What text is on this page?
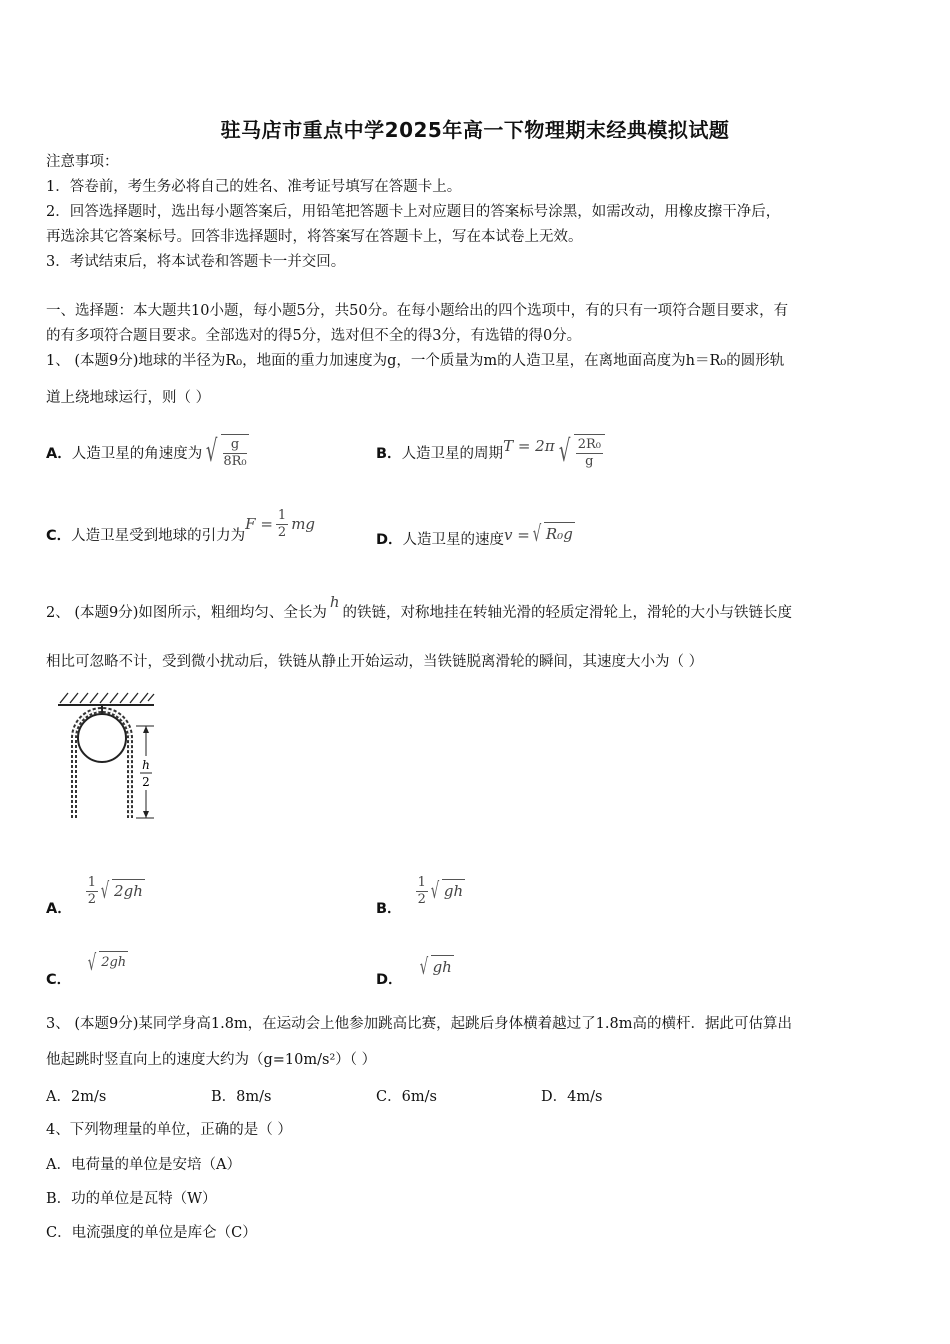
驻马店市重点中学2025年高一下物理期末经典模拟试题
注意事项：
1．答卷前，考生务必将自己的姓名、准考证号填写在答题卡上。
2．回答选择题时，选出每小题答案后，用铅笔把答题卡上对应题目的答案标号涂黑，如需改动，用橡皮擦干净后，
再选涂其它答案标号。回答非选择题时，将答案写在答题卡上，写在本试卷上无效。
3．考试结束后，将本试卷和答题卡一并交回。
一、选择题：本大题共10小题，每小题5分，共50分。在每小题给出的四个选项中，有的只有一项符合题目要求，有
的有多项符合题目要求。全部选对的得5分，选对但不全的得3分，有选错的得0分。
1、 (本题9分)地球的半径为R₀，地面的重力加速度为g，一个质量为m的人造卫星，在离地面高度为h＝R₀的圆形轨
道上绕地球运行，则（ ）
A． 人造卫星的角速度为 √ $\frac{g}{\text{8R₀}}$	B． 人造卫星的周期 T = 2π √ $\frac{\text{2R₀}}{g}$
C． 人造卫星受到地球的引力为
$F = \frac{1}{2}$ mg
D． 人造卫星的速度 v = √ R₀g
2、 (本题9分)如图所示，粗细均匀、全长为h的铁链，对称地挂在转轴光滑的轻质定滑轮上，滑轮的大小与铁链长度
相比可忽略不计，受到微小扰动后，铁链从静止开始运动，当铁链脱离滑轮的瞬间，其速度大小为（ ）
h
2
A．
$\frac{1}{2}$ √ 2gh
B．
$\frac{1}{2}$ √ gh
C．
√ 2gh
D． √ gh
3、 (本题9分)某同学身高1.8m，在运动会上他参加跳高比赛，起跳后身体横着越过了1.8m高的横杆．据此可估算出
他起跳时竖直向上的速度大约为（g=10m/s²）（ ）
A．2m/s	B．8m/s	C．6m/s	D．4m/s
4、下列物理量的单位，正确的是（ ）
A．电荷量的单位是安培（A）
B．功的单位是瓦特（W）
C．电流强度的单位是库仑（C）
